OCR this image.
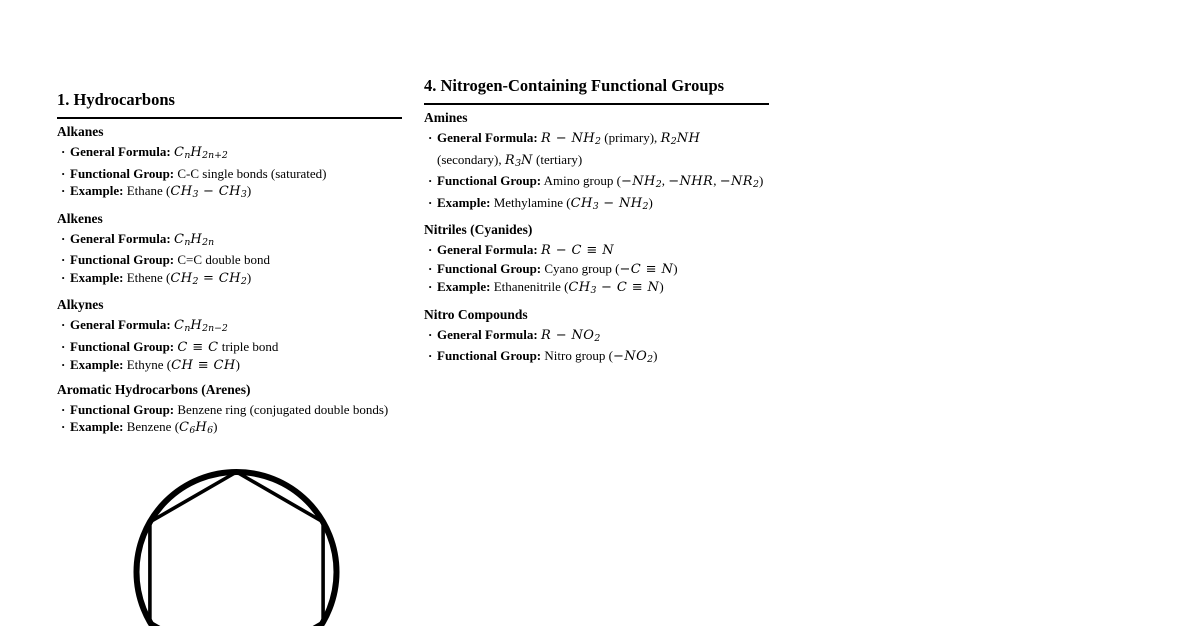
1. Hydrocarbons
Alkanes
· General Formula: $C_nH_{2n+2}$
· Functional Group: C-C single bonds (saturated)
· Example: Ethane $(CH_3 - CH_3)$
Alkenes
· General Formula: $C_nH_{2n}$
· Functional Group: C=C double bond
· Example: Ethene $(CH_2 = CH_2)$
Alkynes
· General Formula: $C_nH_{2n-2}$
· Functional Group: C ≡ C triple bond
· Example: Ethyne (CH ≡ CH)
Aromatic Hydrocarbons (Arenes)
· Functional Group: Benzene ring (conjugated double bonds)
· Example: Benzene $(C_6H_6)$
4. Nitrogen-Containing Functional Groups
Amines
· General Formula: $R - NH_2$ (primary), $R_2NH$
(secondary), $R_3N$ (tertiary)
· Functional Group: Amino group ($-NH_2$, −NHR, $-NR_2$)
· Example: Methylamine $(CH_3 - NH_2)$
Nitriles (Cyanides)
· General Formula: R − C ≡ N
· Functional Group: Cyano group (−C ≡ N)
· Example: Ethanenitrile $(CH_3 - C \equiv N)$
Nitro Compounds
· General Formula: $R - NO_2$
· Functional Group: Nitro group $(-NO_2)$
